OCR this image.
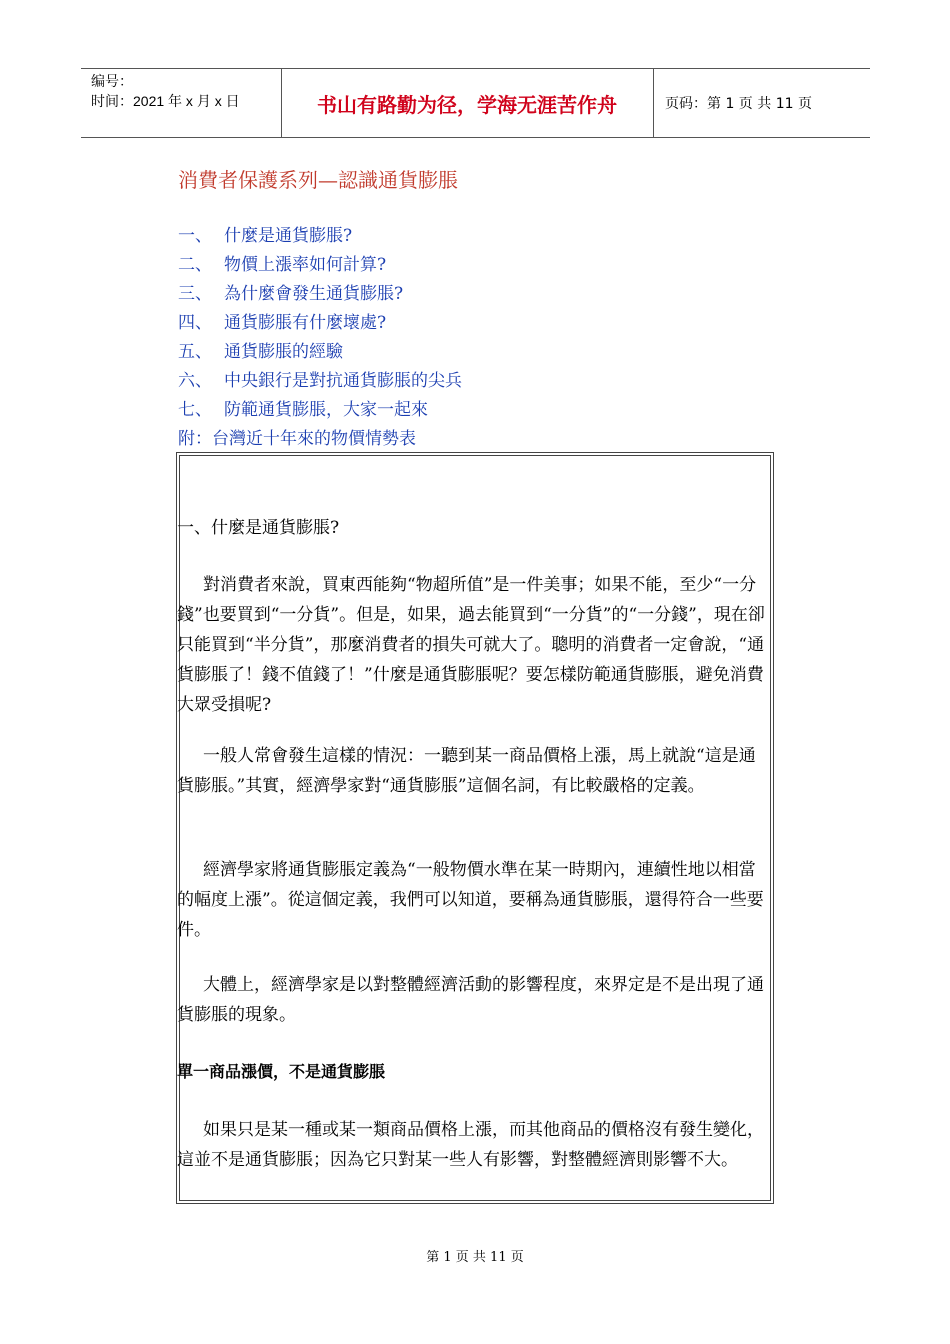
编号：
时间：2021 年 x 月 x 日	书山有路勤为径，学海无涯苦作舟	页码：第 1 页 共 11 页
消費者保護系列—認識通貨膨脹
一、 什麼是通貨膨脹?
二、 物價上漲率如何計算?
三、 為什麼會發生通貨膨脹?
四、 通貨膨脹有什麼壞處?
五、 通貨膨脹的經驗
六、 中央銀行是對抗通貨膨脹的尖兵
七、 防範通貨膨脹，大家一起來
附：台灣近十年來的物價情勢表
一、什麼是通貨膨脹?
對消費者來說，買東西能夠“物超所值”是一件美事；如果不能，至少“一分錢”也要買到“一分貨”。但是，如果，過去能買到“一分貨”的“一分錢”，現在卻只能買到“半分貨”，那麼消費者的損失可就大了。聰明的消費者一定會說，“通貨膨脹了！錢不值錢了！”什麼是通貨膨脹呢？要怎樣防範通貨膨脹，避免消費大眾受損呢?
一般人常會發生這樣的情況：一聽到某一商品價格上漲，馬上就說“這是通貨膨脹。”其實，經濟學家對“通貨膨脹”這個名詞，有比較嚴格的定義。
經濟學家將通貨膨脹定義為“一般物價水準在某一時期內，連續性地以相當的幅度上漲”。從這個定義，我們可以知道，要稱為通貨膨脹，還得符合一些要件。
大體上，經濟學家是以對整體經濟活動的影響程度，來界定是不是出現了通貨膨脹的現象。
單一商品漲價，不是通貨膨脹
如果只是某一種或某一類商品價格上漲，而其他商品的價格沒有發生變化，這並不是通貨膨脹；因為它只對某一些人有影響，對整體經濟則影響不大。
第 1 页 共 11 页
